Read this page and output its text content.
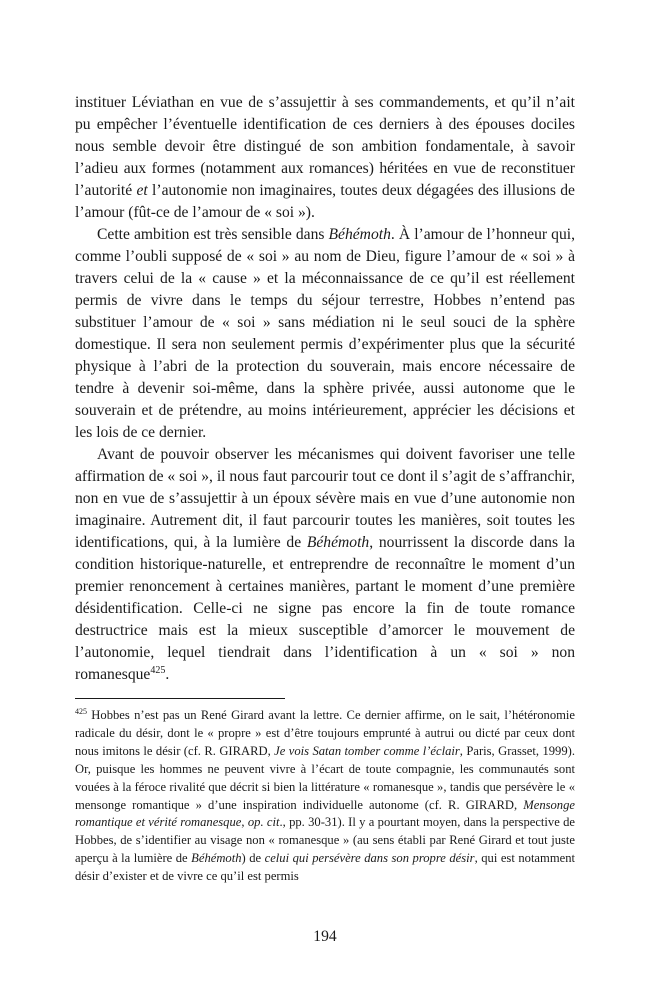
instituer Léviathan en vue de s’assujettir à ses commandements, et qu’il n’ait pu empêcher l’éventuelle identification de ces derniers à des épouses dociles nous semble devoir être distingué de son ambition fondamentale, à savoir l’adieu aux formes (notamment aux romances) héritées en vue de reconstituer l’autorité et l’autonomie non imaginaires, toutes deux dégagées des illusions de l’amour (fût-ce de l’amour de « soi »).

Cette ambition est très sensible dans Béhémoth. À l’amour de l’honneur qui, comme l’oubli supposé de « soi » au nom de Dieu, figure l’amour de « soi » à travers celui de la « cause » et la méconnaissance de ce qu’il est réellement permis de vivre dans le temps du séjour terrestre, Hobbes n’entend pas substituer l’amour de « soi » sans médiation ni le seul souci de la sphère domestique. Il sera non seulement permis d’expérimenter plus que la sécurité physique à l’abri de la protection du souverain, mais encore nécessaire de tendre à devenir soi-même, dans la sphère privée, aussi autonome que le souverain et de prétendre, au moins intérieurement, apprécier les décisions et les lois de ce dernier.

Avant de pouvoir observer les mécanismes qui doivent favoriser une telle affirmation de « soi », il nous faut parcourir tout ce dont il s’agit de s’affranchir, non en vue de s’assujettir à un époux sévère mais en vue d’une autonomie non imaginaire. Autrement dit, il faut parcourir toutes les manières, soit toutes les identifications, qui, à la lumière de Béhémoth, nourrissent la discorde dans la condition historique-naturelle, et entreprendre de reconnaître le moment d’un premier renoncement à certaines manières, partant le moment d’une première désidentification. Celle-ci ne signe pas encore la fin de toute romance destructrice mais est la mieux susceptible d’amorcer le mouvement de l’autonomie, lequel tiendrait dans l’identification à un « soi » non romanesque$^{425}$.

$^{425}$ Hobbes n’est pas un René Girard avant la lettre. Ce dernier affirme, on le sait, l’hétéronomie radicale du désir, dont le « propre » est d’être toujours emprunté à autrui ou dicté par ceux dont nous imitons le désir (cf. R. GIRARD, Je vois Satan tomber comme l’éclair, Paris, Grasset, 1999). Or, puisque les hommes ne peuvent vivre à l’écart de toute compagnie, les communautés sont vouées à la féroce rivalité que décrit si bien la littérature « romanesque », tandis que persévère le « mensonge romantique » d’une inspiration individuelle autonome (cf. R. GIRARD, Mensonge romantique et vérité romanesque, op. cit., pp. 30-31). Il y a pourtant moyen, dans la perspective de Hobbes, de s’identifier au visage non « romanesque » (au sens établi par René Girard et tout juste aperçu à la lumière de Béhémoth) de celui qui persévère dans son propre désir, qui est notamment désir d’exister et de vivre ce qu’il est permis

194
